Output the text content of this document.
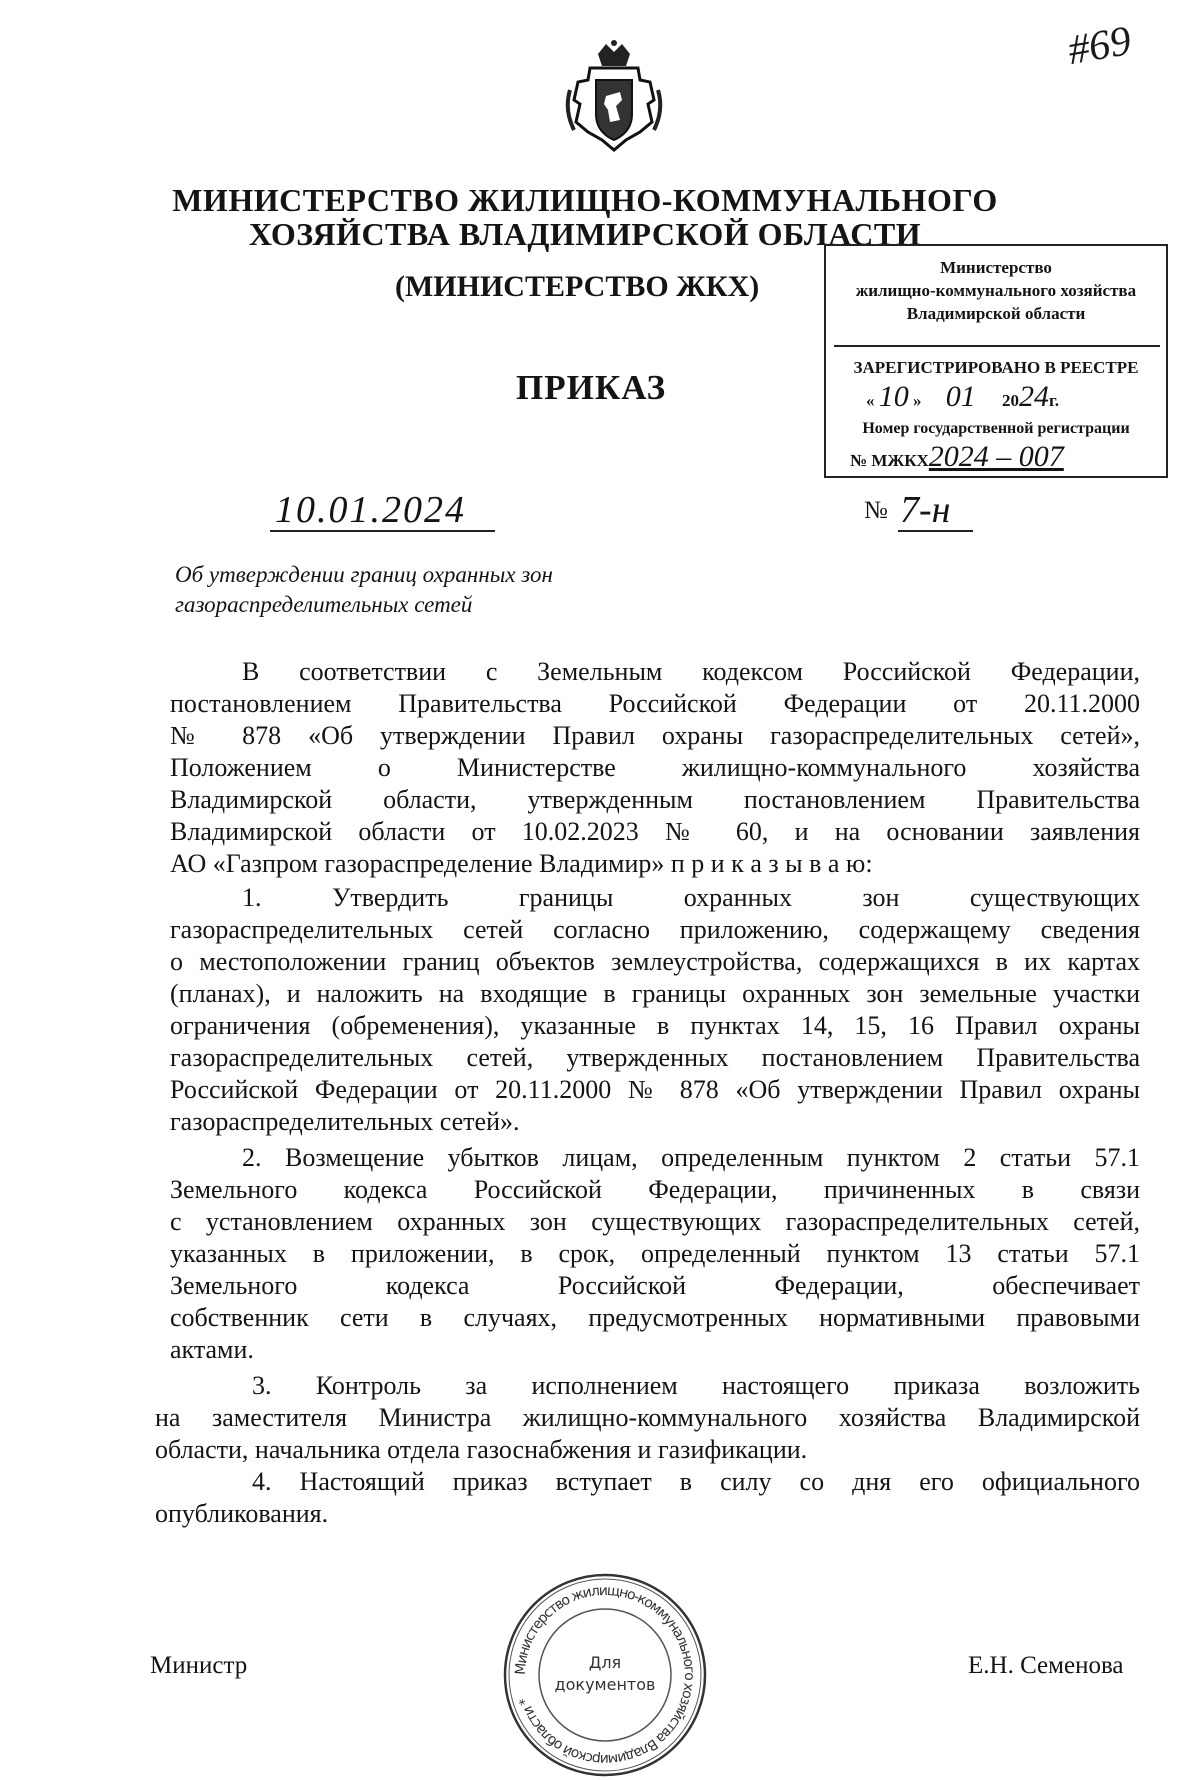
#69
МИНИСТЕРСТВО ЖИЛИЩНО-КОММУНАЛЬНОГО
ХОЗЯЙСТВА ВЛАДИМИРСКОЙ ОБЛАСТИ
(МИНИСТЕРСТВО ЖКХ)
ПРИКАЗ
Министерство
жилищно-коммунального хозяйства
Владимирской области
ЗАРЕГИСТРИРОВАНО В РЕЕСТРЕ
« 10 » 01 2024г.
Номер государственной регистрации
№ МЖКХ2024 – 007
10.01.2024	№ 7-н
Об утверждении границ охранных зон
газораспределительных сетей
В соответствии с Земельным кодексом Российской Федерации,
постановлением Правительства Российской Федерации от 20.11.2000
№ 878 «Об утверждении Правил охраны газораспределительных сетей»,
Положением о Министерстве жилищно-коммунального хозяйства
Владимирской области, утвержденным постановлением Правительства
Владимирской области от 10.02.2023 № 60, и на основании заявления
АО «Газпром газораспределение Владимир» п р и к а з ы в а ю:
1. Утвердить границы охранных зон существующих
газораспределительных сетей согласно приложению, содержащему сведения
о местоположении границ объектов землеустройства, содержащихся в их картах
(планах), и наложить на входящие в границы охранных зон земельные участки
ограничения (обременения), указанные в пунктах 14, 15, 16 Правил охраны
газораспределительных сетей, утвержденных постановлением Правительства
Российской Федерации от 20.11.2000 № 878 «Об утверждении Правил охраны
газораспределительных сетей».
2. Возмещение убытков лицам, определенным пунктом 2 статьи 57.1
Земельного кодекса Российской Федерации, причиненных в связи
с установлением охранных зон существующих газораспределительных сетей,
указанных в приложении, в срок, определенный пунктом 13 статьи 57.1
Земельного кодекса Российской Федерации, обеспечивает
собственник сети в случаях, предусмотренных нормативными правовыми
актами.
3. Контроль за исполнением настоящего приказа возложить
на заместителя Министра жилищно-коммунального хозяйства Владимирской
области, начальника отдела газоснабжения и газификации.
4. Настоящий приказ вступает в силу со дня его официального
опубликования.
Министерство жилищно-коммунального хозяйства Владимирской области *
Для
документов
Министр	Е.Н. Семенова
